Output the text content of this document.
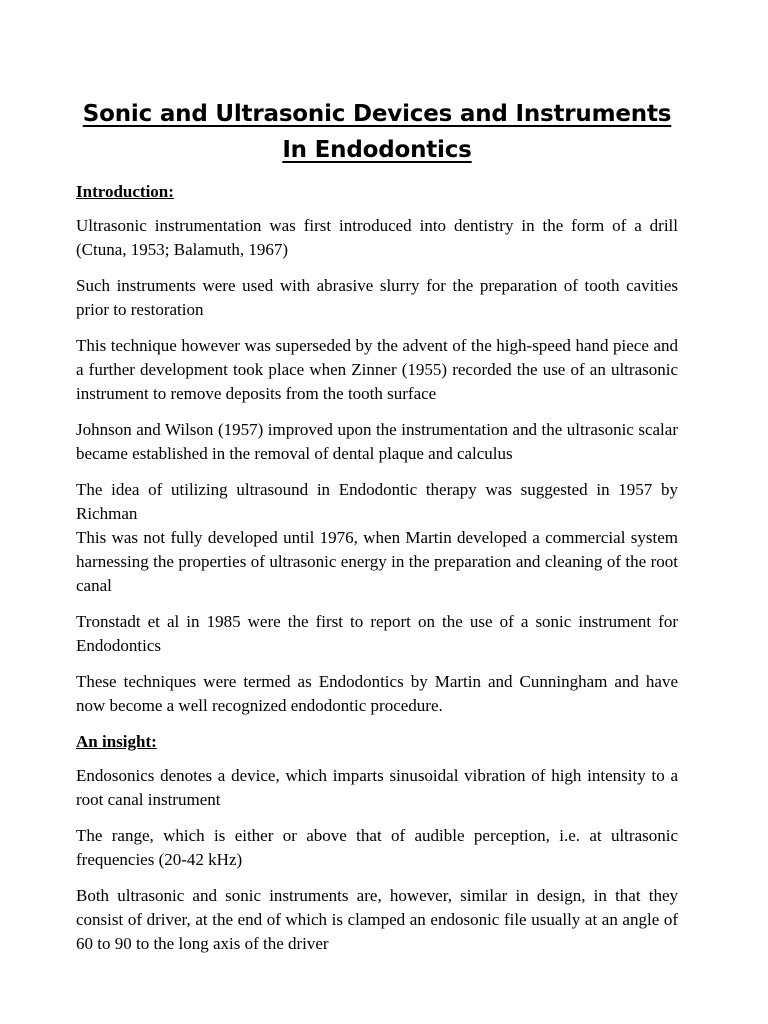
Sonic and Ultrasonic Devices and Instruments In Endodontics
Introduction:

Ultrasonic instrumentation was first introduced into dentistry in the form of a drill (Ctuna, 1953; Balamuth, 1967)

Such instruments were used with abrasive slurry for the preparation of tooth cavities prior to restoration

This technique however was superseded by the advent of the high-speed hand piece and a further development took place when Zinner (1955) recorded the use of an ultrasonic instrument to remove deposits from the tooth surface

Johnson and Wilson (1957) improved upon the instrumentation and the ultrasonic scalar became established in the removal of dental plaque and calculus

The idea of utilizing ultrasound in Endodontic therapy was suggested in 1957 by Richman

This was not fully developed until 1976, when Martin developed a commercial system harnessing the properties of ultrasonic energy in the preparation and cleaning of the root canal

Tronstadt et al in 1985 were the first to report on the use of a sonic instrument for Endodontics

These techniques were termed as Endodontics by Martin and Cunningham and have now become a well recognized endodontic procedure.

An insight:

Endosonics denotes a device, which imparts sinusoidal vibration of high intensity to a root canal instrument

The range, which is either or above that of audible perception, i.e. at ultrasonic frequencies (20-42 kHz)

Both ultrasonic and sonic instruments are, however, similar in design, in that they consist of driver, at the end of which is clamped an endosonic file usually at an angle of 60 to 90 to the long axis of the driver
